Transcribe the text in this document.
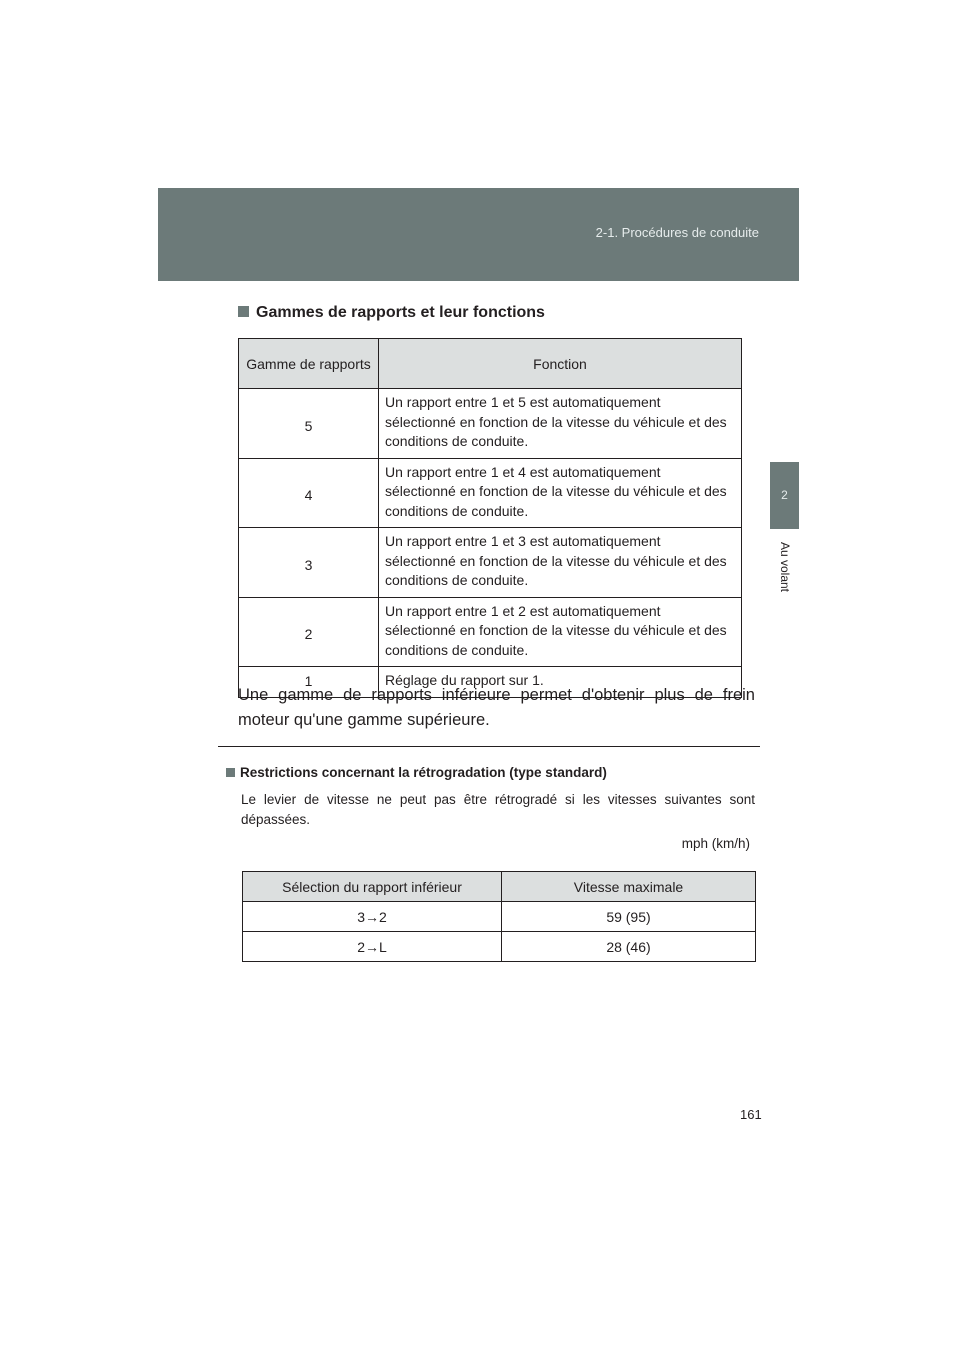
2-1. Procédures de conduite
2
Au volant
Gammes de rapports et leur fonctions
Gamme de rapports	Fonction
5	Un rapport entre 1 et 5 est automatiquement sélectionné en fonction de la vitesse du véhicule et des conditions de conduite.
4	Un rapport entre 1 et 4 est automatiquement sélectionné en fonction de la vitesse du véhicule et des conditions de conduite.
3	Un rapport entre 1 et 3 est automatiquement sélectionné en fonction de la vitesse du véhicule et des conditions de conduite.
2	Un rapport entre 1 et 2 est automatiquement sélectionné en fonction de la vitesse du véhicule et des conditions de conduite.
1	Réglage du rapport sur 1.
Une gamme de rapports inférieure permet d'obtenir plus de frein moteur qu'une gamme supérieure.
Restrictions concernant la rétrogradation (type standard)
Le levier de vitesse ne peut pas être rétrogradé si les vitesses suivantes sont dépassées.
mph (km/h)
Sélection du rapport inférieur	Vitesse maximale
3→2	59 (95)
2→L	28 (46)
161
